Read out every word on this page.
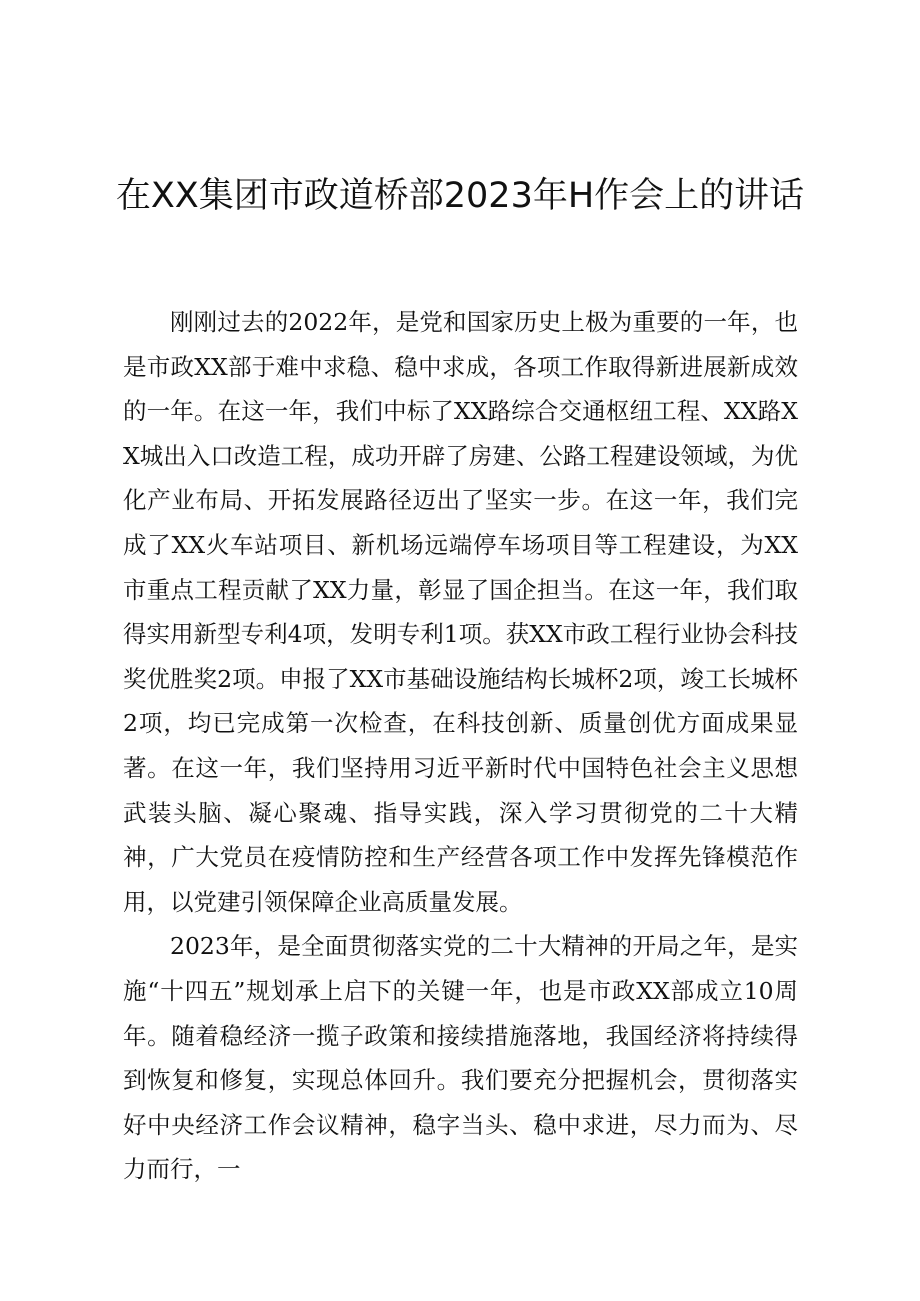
在XX集团市政道桥部2023年H作会上的讲话

刚刚过去的2022年，是党和国家历史上极为重要的一年，也是市政XX部于难中求稳、稳中求成，各项工作取得新进展新成效的一年。在这一年，我们中标了XX路综合交通枢纽工程、XX路XX城出入口改造工程，成功开辟了房建、公路工程建设领域，为优化产业布局、开拓发展路径迈出了坚实一步。在这一年，我们完成了XX火车站项目、新机场远端停车场项目等工程建设，为XX市重点工程贡献了XX力量，彰显了国企担当。在这一年，我们取得实用新型专利4项，发明专利1项。获XX市政工程行业协会科技奖优胜奖2项。申报了XX市基础设施结构长城杯2项，竣工长城杯2项，均已完成第一次检查，在科技创新、质量创优方面成果显著。在这一年，我们坚持用习近平新时代中国特色社会主义思想武装头脑、凝心聚魂、指导实践，深入学习贯彻党的二十大精神，广大党员在疫情防控和生产经营各项工作中发挥先锋模范作用，以党建引领保障企业高质量发展。

2023年，是全面贯彻落实党的二十大精神的开局之年，是实施“十四五”规划承上启下的关键一年，也是市政XX部成立10周年。随着稳经济一揽子政策和接续措施落地，我国经济将持续得到恢复和修复，实现总体回升。我们要充分把握机会，贯彻落实好中央经济工作会议精神，稳字当头、稳中求进，尽力而为、尽力而行，一
